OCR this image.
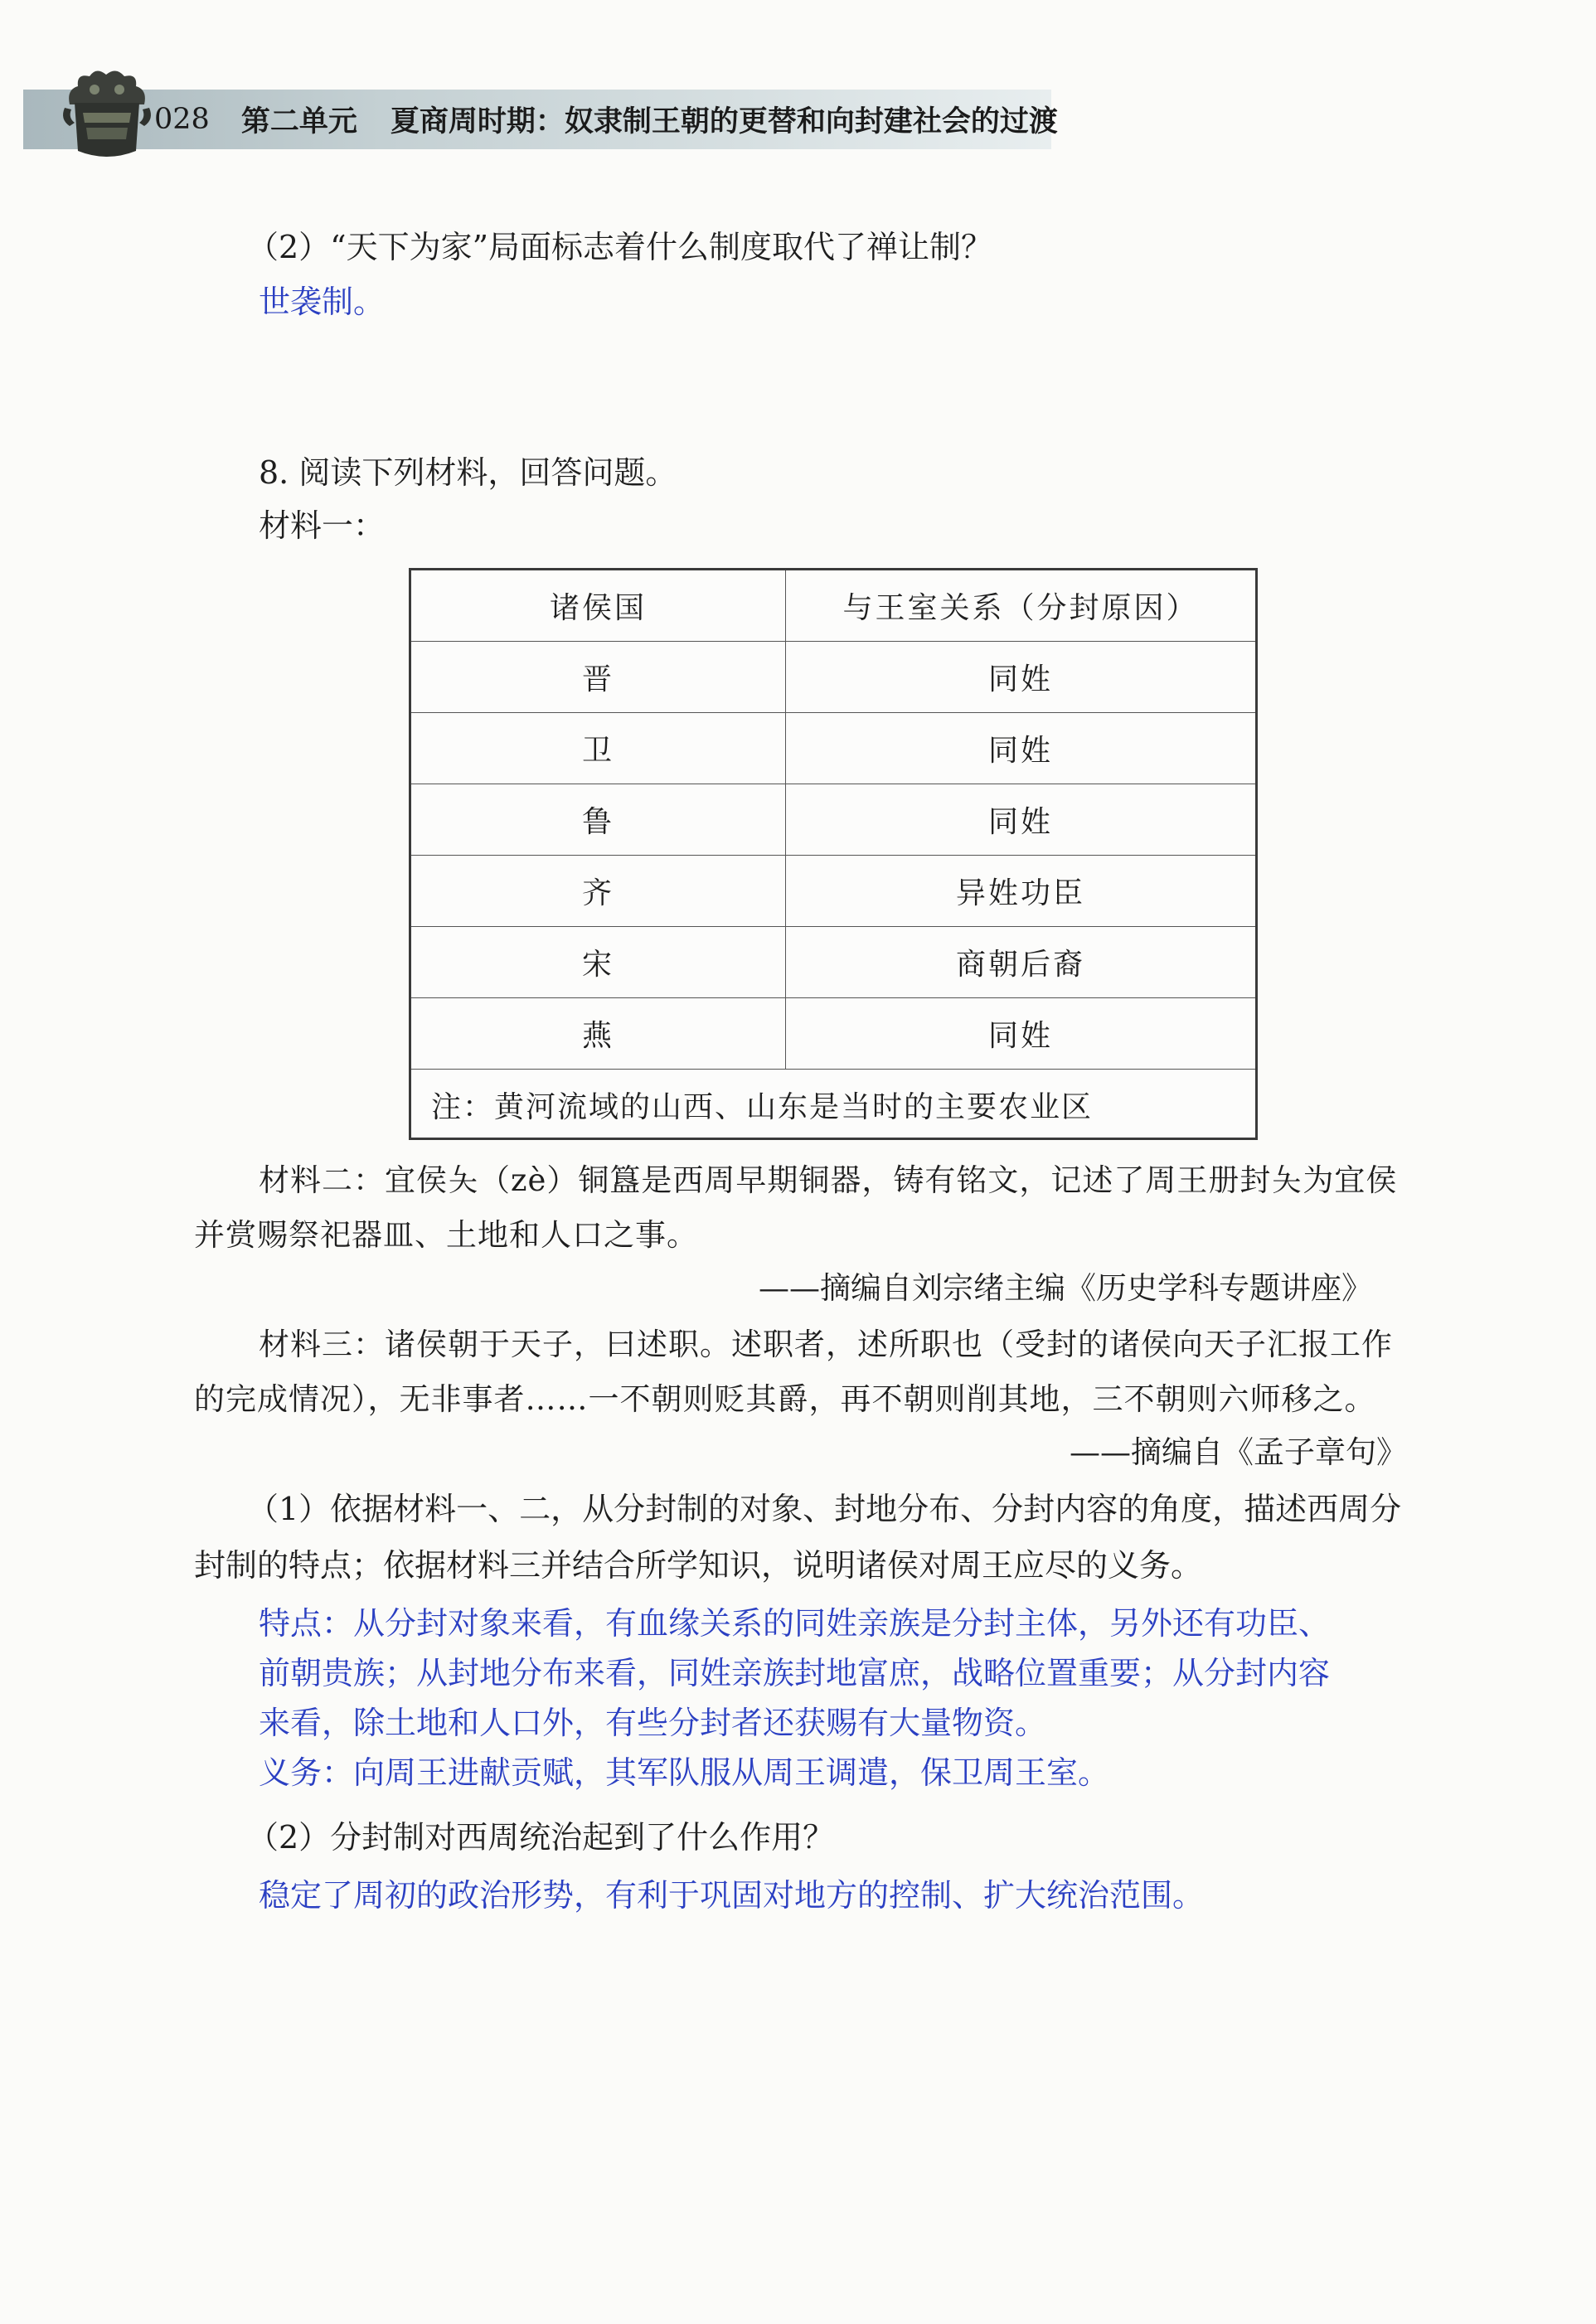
028 第二单元 夏商周时期：奴隶制王朝的更替和向封建社会的过渡
（2）“天下为家”局面标志着什么制度取代了禅让制？
世袭制。
8. 阅读下列材料，回答问题。
材料一：
诸侯国	与王室关系（分封原因）
晋	同姓
卫	同姓
鲁	同姓
齐	异姓功臣
宋	商朝后裔
燕	同姓
注：黄河流域的山西、山东是当时的主要农业区
材料二：宜侯夨（zè）铜簋是西周早期铜器，铸有铭文，记述了周王册封夨为宜侯
并赏赐祭祀器皿、土地和人口之事。
——摘编自刘宗绪主编《历史学科专题讲座》
材料三：诸侯朝于天子，曰述职。述职者，述所职也（受封的诸侯向天子汇报工作
的完成情况），无非事者……一不朝则贬其爵，再不朝则削其地，三不朝则六师移之。
——摘编自《孟子章句》
（1）依据材料一、二，从分封制的对象、封地分布、分封内容的角度，描述西周分
封制的特点；依据材料三并结合所学知识，说明诸侯对周王应尽的义务。
特点：从分封对象来看，有血缘关系的同姓亲族是分封主体，另外还有功臣、
前朝贵族；从封地分布来看，同姓亲族封地富庶，战略位置重要；从分封内容
来看，除土地和人口外，有些分封者还获赐有大量物资。
义务：向周王进献贡赋，其军队服从周王调遣，保卫周王室。
（2）分封制对西周统治起到了什么作用？
稳定了周初的政治形势，有利于巩固对地方的控制、扩大统治范围。
